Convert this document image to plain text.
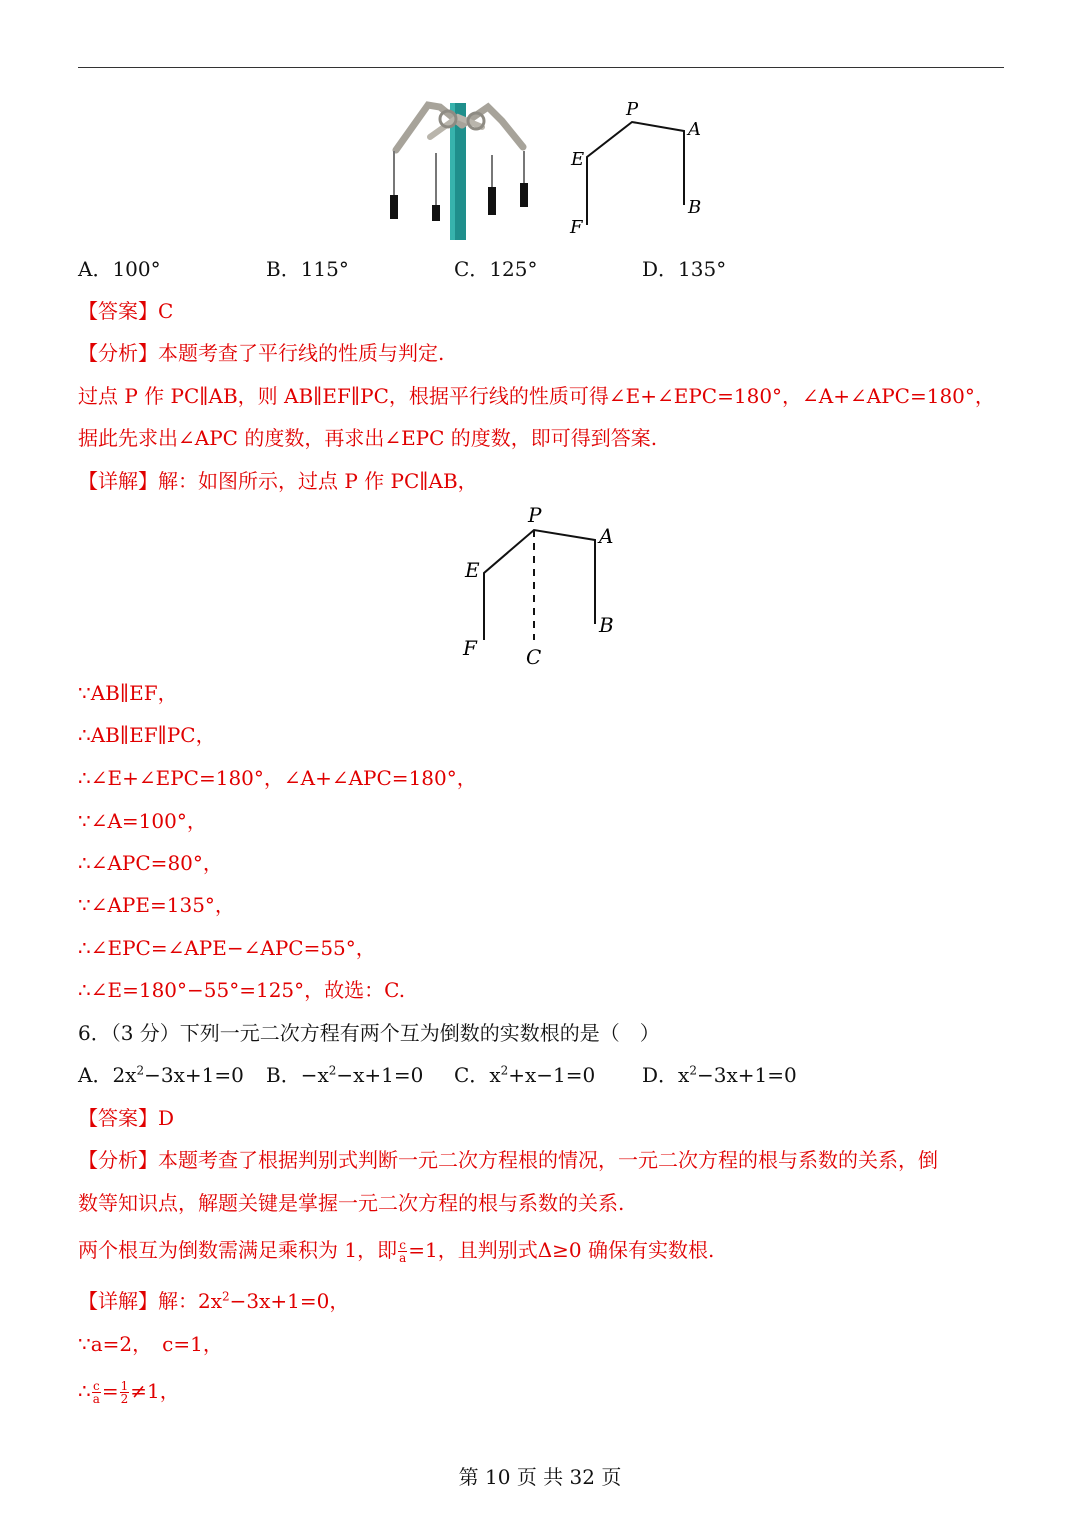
P
A
E
B
F
A．100°	B．115°	C．125°	D．135°
【答案】C
【分析】本题考查了平行线的性质与判定.
过点 P 作 PC∥AB，则 AB∥EF∥PC，根据平行线的性质可得∠E+∠EPC=180°，∠A+∠APC=180°，
据此先求出∠APC 的度数，再求出∠EPC 的度数，即可得到答案.
【详解】解：如图所示，过点 P 作 PC∥AB，
P
A
E
B
F C
∵AB∥EF，
∴AB∥EF∥PC，
∴∠E+∠EPC=180°，∠A+∠APC=180°，
∵∠A=100°，
∴∠APC=80°，
∵∠APE=135°，
∴∠EPC=∠APE−∠APC=55°，
∴∠E=180°−55°=125°，故选：C.
6．（3 分）下列一元二次方程有两个互为倒数的实数根的是（　）
A．$2x^2-3x+1=0$ B．$-x^2-x+1=0$ C．$x^2+x-1=0$ D．$x^2-3x+1=0$
【答案】D
【分析】本题考查了根据判别式判断一元二次方程根的情况，一元二次方程的根与系数的关系，倒
数等知识点，解题关键是掌握一元二次方程的根与系数的关系.
两个根互为倒数需满足乘积为 1，即 $\frac{c}{a} =1$，且判别式Δ≥0 确保有实数根.
【详解】解：$2x^2-3x+1=0$，
∵a=2，　c=1，
∴ $\frac{c}{a} = \frac{1}{2} \ne 1$，
第 10 页 共 32 页
